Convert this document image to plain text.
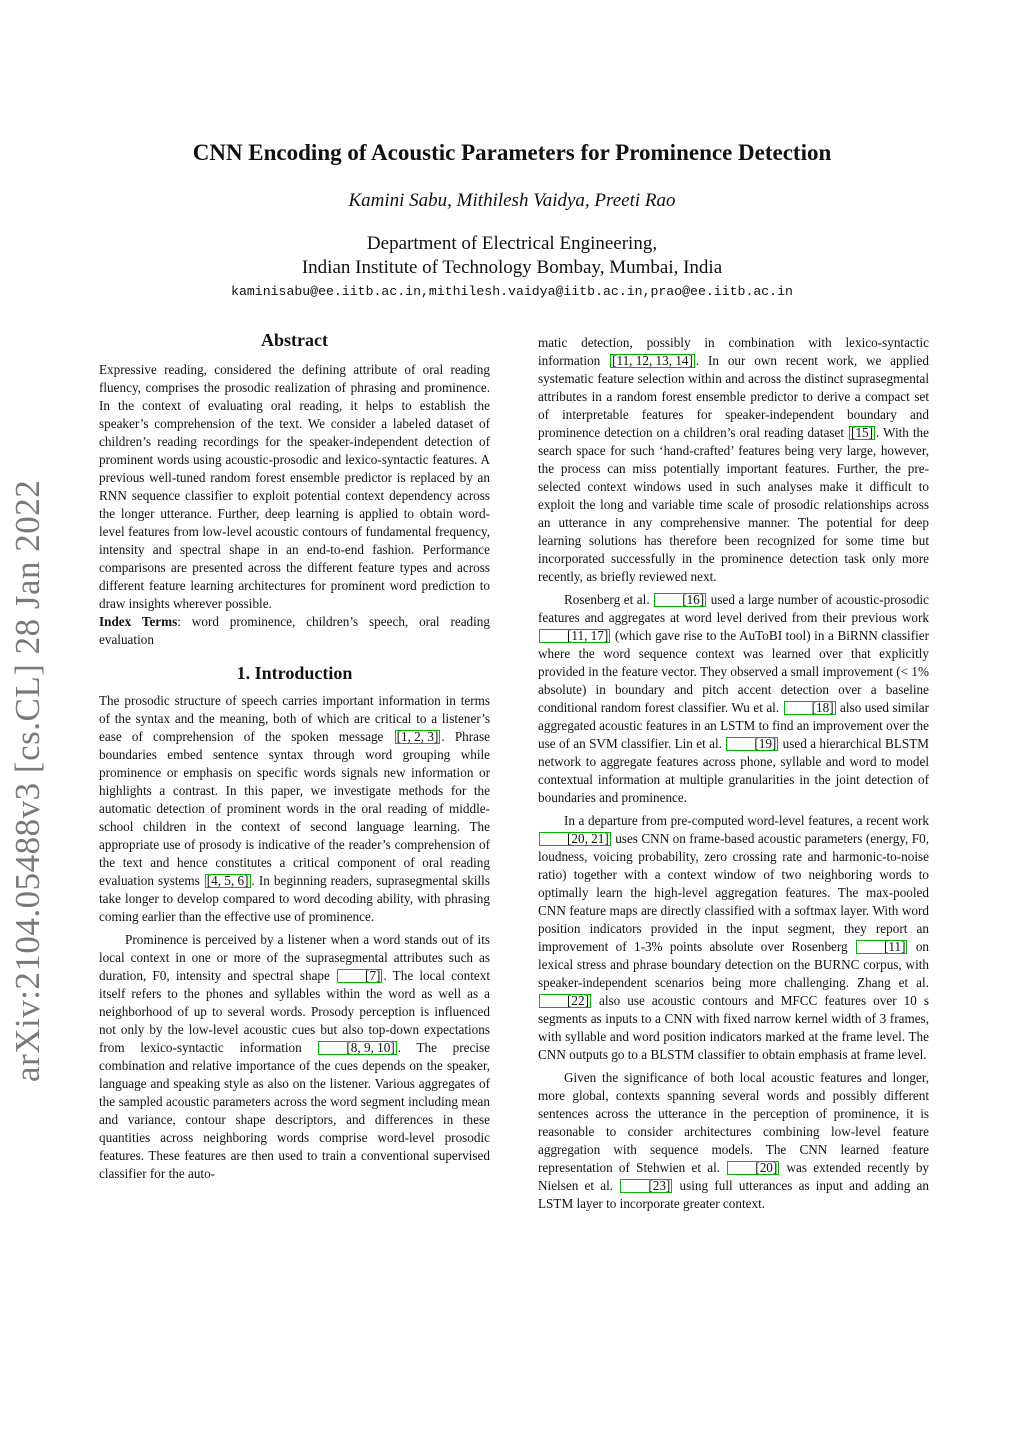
arXiv:2104.05488v3 [cs.CL] 28 Jan 2022
CNN Encoding of Acoustic Parameters for Prominence Detection
Kamini Sabu, Mithilesh Vaidya, Preeti Rao
Department of Electrical Engineering,
Indian Institute of Technology Bombay, Mumbai, India
kaminisabu@ee.iitb.ac.in,mithilesh.vaidya@iitb.ac.in,prao@ee.iitb.ac.in
Abstract

Expressive reading, considered the defining attribute of oral reading fluency, comprises the prosodic realization of phrasing and prominence. In the context of evaluating oral reading, it helps to establish the speaker’s comprehension of the text. We consider a labeled dataset of children’s reading recordings for the speaker-independent detection of prominent words using acoustic-prosodic and lexico-syntactic features. A previous well-tuned random forest ensemble predictor is replaced by an RNN sequence classifier to exploit potential context dependency across the longer utterance. Further, deep learning is applied to obtain word-level features from low-level acoustic contours of fundamental frequency, intensity and spectral shape in an end-to-end fashion. Performance comparisons are presented across the different feature types and across different feature learning architectures for prominent word prediction to draw insights wherever possible.

Index Terms: word prominence, children’s speech, oral reading evaluation

1. Introduction

The prosodic structure of speech carries important information in terms of the syntax and the meaning, both of which are critical to a listener’s ease of comprehension of the spoken message [1, 2, 3] . Phrase boundaries embed sentence syntax through word grouping while prominence or emphasis on specific words signals new information or highlights a contrast. In this paper, we investigate methods for the automatic detection of prominent words in the oral reading of middle-school children in the context of second language learning. The appropriate use of prosody is indicative of the reader’s comprehension of the text and hence constitutes a critical component of oral reading evaluation systems [4, 5, 6] . In beginning readers, suprasegmental skills take longer to develop compared to word decoding ability, with phrasing coming earlier than the effective use of prominence.

Prominence is perceived by a listener when a word stands out of its local context in one or more of the suprasegmental attributes such as duration, F0, intensity and spectral shape [7] . The local context itself refers to the phones and syllables within the word as well as a neighborhood of up to several words. Prosody perception is influenced not only by the low-level acoustic cues but also top-down expectations from lexico-syntactic information [8, 9, 10] . The precise combination and relative importance of the cues depends on the speaker, language and speaking style as also on the listener. Various aggregates of the sampled acoustic parameters across the word segment including mean and variance, contour shape descriptors, and differences in these quantities across neighboring words comprise word-level prosodic features. These features are then used to train a conventional supervised classifier for the auto-

matic detection, possibly in combination with lexico-syntactic information [11, 12, 13, 14] . In our own recent work, we applied systematic feature selection within and across the distinct suprasegmental attributes in a random forest ensemble predictor to derive a compact set of interpretable features for speaker-independent boundary and prominence detection on a children’s oral reading dataset [15] . With the search space for such ‘hand-crafted’ features being very large, however, the process can miss potentially important features. Further, the pre-selected context windows used in such analyses make it difficult to exploit the long and variable time scale of prosodic relationships across an utterance in any comprehensive manner. The potential for deep learning solutions has therefore been recognized for some time but incorporated successfully in the prominence detection task only more recently, as briefly reviewed next.

Rosenberg et al. [16] used a large number of acoustic-prosodic features and aggregates at word level derived from their previous work [11, 17] (which gave rise to the AuToBI tool) in a BiRNN classifier where the word sequence context was learned over that explicitly provided in the feature vector. They observed a small improvement (< 1% absolute) in boundary and pitch accent detection over a baseline conditional random forest classifier. Wu et al. [18] also used similar aggregated acoustic features in an LSTM to find an improvement over the use of an SVM classifier. Lin et al. [19] used a hierarchical BLSTM network to aggregate features across phone, syllable and word to model contextual information at multiple granularities in the joint detection of boundaries and prominence.

In a departure from pre-computed word-level features, a recent work [20, 21] uses CNN on frame-based acoustic parameters (energy, F0, loudness, voicing probability, zero crossing rate and harmonic-to-noise ratio) together with a context window of two neighboring words to optimally learn the high-level aggregation features. The max-pooled CNN feature maps are directly classified with a softmax layer. With word position indicators provided in the input segment, they report an improvement of 1-3% points absolute over Rosenberg [11] on lexical stress and phrase boundary detection on the BURNC corpus, with speaker-independent scenarios being more challenging. Zhang et al. [22] also use acoustic contours and MFCC features over 10 s segments as inputs to a CNN with fixed narrow kernel width of 3 frames, with syllable and word position indicators marked at the frame level. The CNN outputs go to a BLSTM classifier to obtain emphasis at frame level.

Given the significance of both local acoustic features and longer, more global, contexts spanning several words and possibly different sentences across the utterance in the perception of prominence, it is reasonable to consider architectures combining low-level feature aggregation with sequence models. The CNN learned feature representation of Stehwien et al. [20] was extended recently by Nielsen et al. [23] using full utterances as input and adding an LSTM layer to incorporate greater context.
